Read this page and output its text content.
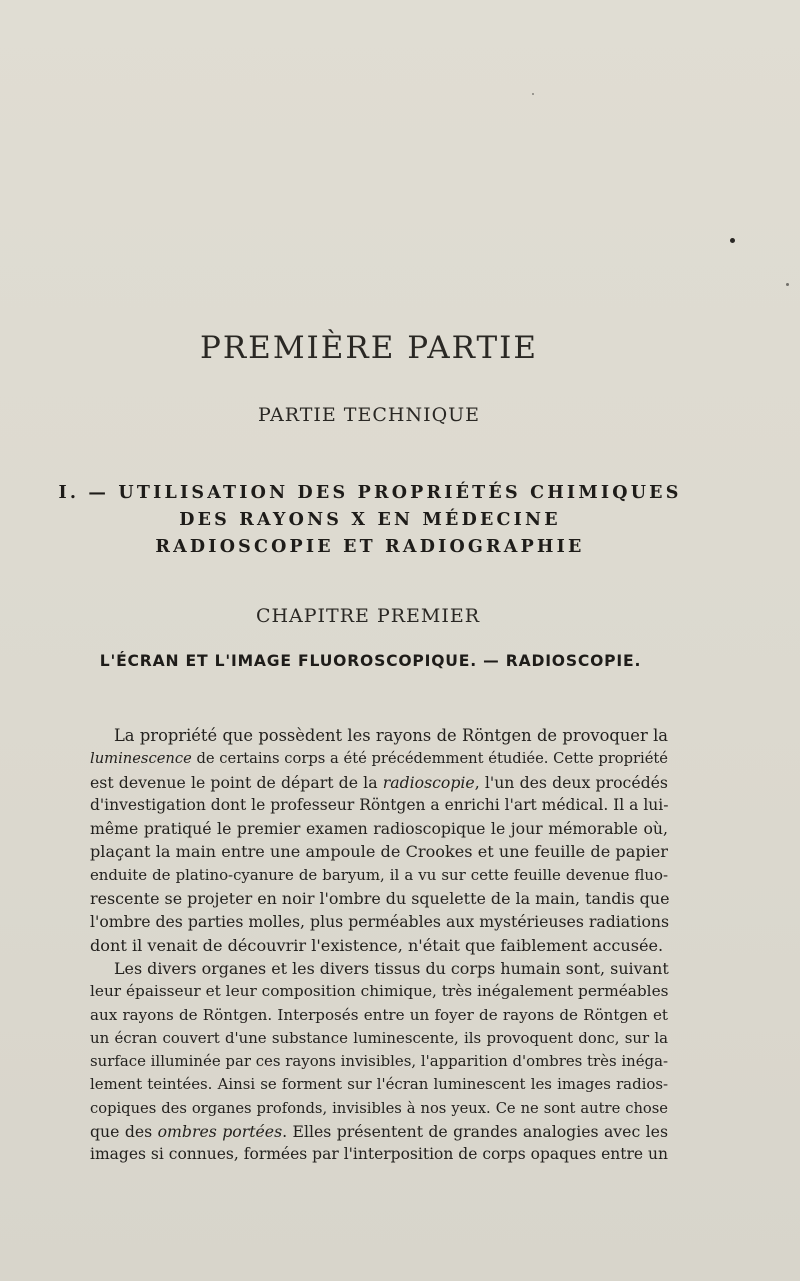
PREMIÈRE PARTIE
PARTIE TECHNIQUE
I. — UTILISATION DES PROPRIÉTÉS CHIMIQUES
DES RAYONS X EN MÉDECINE
RADIOSCOPIE ET RADIOGRAPHIE
CHAPITRE PREMIER
L'ÉCRAN ET L'IMAGE FLUOROSCOPIQUE. — RADIOSCOPIE.
La propriété que possèdent les rayons de Röntgen de provoquer la
luminescence de certains corps a été précédemment étudiée. Cette propriété
est devenue le point de départ de la radioscopie, l'un des deux procédés
d'investigation dont le professeur Röntgen a enrichi l'art médical. Il a lui-
même pratiqué le premier examen radioscopique le jour mémorable où,
plaçant la main entre une ampoule de Crookes et une feuille de papier
enduite de platino-cyanure de baryum, il a vu sur cette feuille devenue fluo-
rescente se projeter en noir l'ombre du squelette de la main, tandis que
l'ombre des parties molles, plus perméables aux mystérieuses radiations
dont il venait de découvrir l'existence, n'était que faiblement accusée.
Les divers organes et les divers tissus du corps humain sont, suivant
leur épaisseur et leur composition chimique, très inégalement perméables
aux rayons de Röntgen. Interposés entre un foyer de rayons de Röntgen et
un écran couvert d'une substance luminescente, ils provoquent donc, sur la
surface illuminée par ces rayons invisibles, l'apparition d'ombres très inéga-
lement teintées. Ainsi se forment sur l'écran luminescent les images radios-
copiques des organes profonds, invisibles à nos yeux. Ce ne sont autre chose
que des ombres portées. Elles présentent de grandes analogies avec les
images si connues, formées par l'interposition de corps opaques entre un
